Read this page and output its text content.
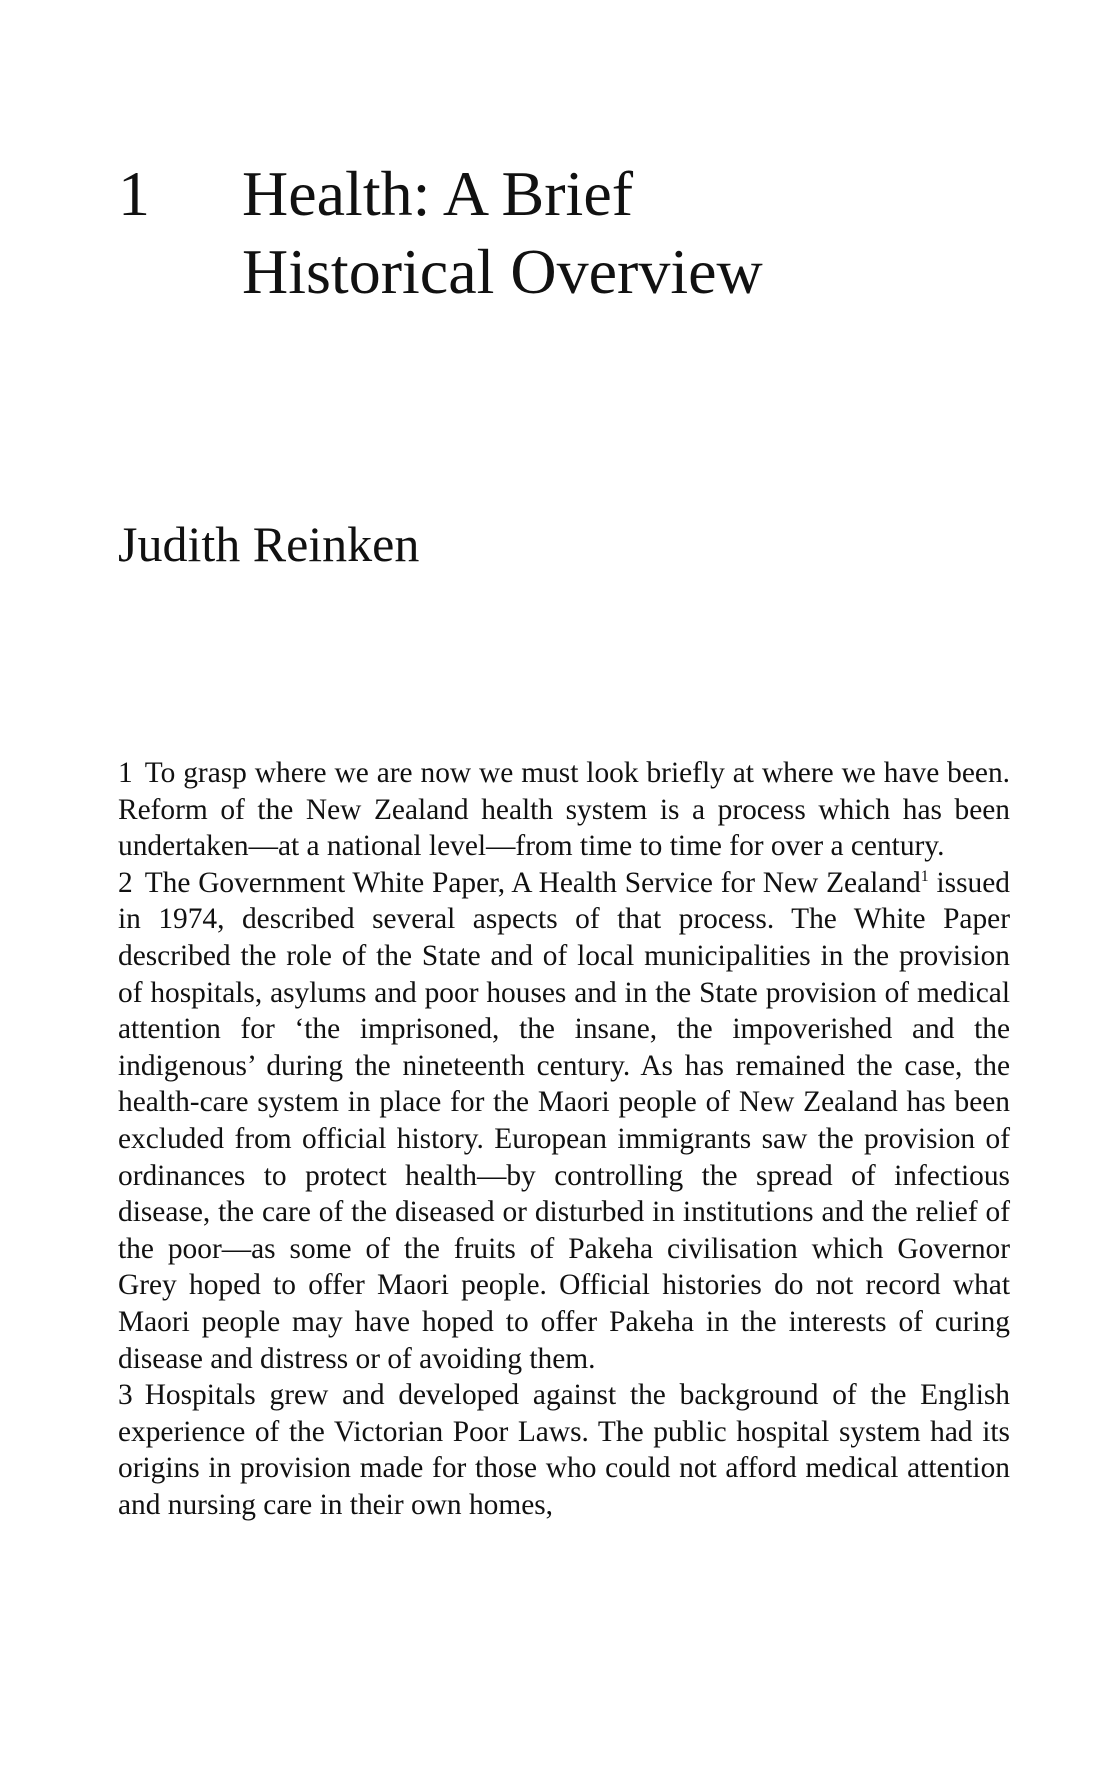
1 Health: A Brief
Historical Overview
Judith Reinken

1 To grasp where we are now we must look briefly at where we have been. Reform of the New Zealand health system is a process which has been undertaken—at a national level—from time to time for over a century.

2 The Government White Paper, A Health Service for New Zealand$^1$ issued in 1974, described several aspects of that process. The White Paper described the role of the State and of local municipalities in the provision of hospitals, asylums and poor houses and in the State provision of medical attention for ‘the imprisoned, the insane, the impoverished and the indigenous’ during the nineteenth century. As has remained the case, the health-care system in place for the Maori people of New Zealand has been excluded from official history. European immigrants saw the provision of ordinances to protect health—by controlling the spread of infectious disease, the care of the diseased or disturbed in institutions and the relief of the poor—as some of the fruits of Pakeha civilisation which Governor Grey hoped to offer Maori people. Official histories do not record what Maori people may have hoped to offer Pakeha in the interests of curing disease and distress or of avoiding them.

3 Hospitals grew and developed against the background of the English experience of the Victorian Poor Laws. The public hospital system had its origins in provision made for those who could not afford medical attention and nursing care in their own homes,
